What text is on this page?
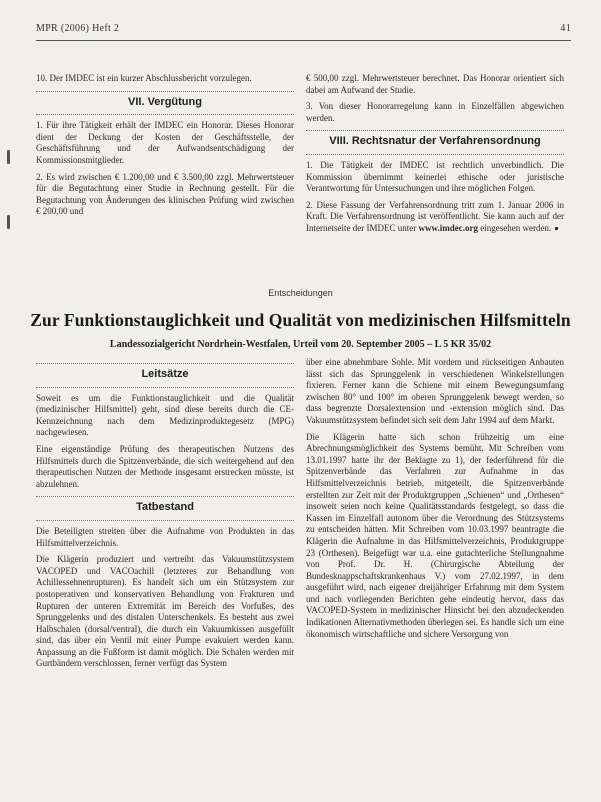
MPR (2006) Heft 2	41

10. Der IMDEC ist ein kurzer Abschlussbericht vorzulegen.

VII. Vergütung

1. Für ihre Tätigkeit erhält der IMDEC ein Honorar. Dieses Honorar dient der Deckung der Kosten der Geschäftsstelle, der Geschäftsführung und der Aufwandsentschädigung der Kommissionsmitglieder.

2. Es wird zwischen € 1.200,00 und € 3.500,00 zzgl. Mehrwertsteuer für die Begutachtung einer Studie in Rechnung gestellt. Für die Begutachtung von Änderungen des klinischen Prüfung wird zwischen € 200,00 und

€ 500,00 zzgl. Mehrwertsteuer berechnet. Das Honorar orientiert sich dabei am Aufwand der Studie.

3. Von dieser Honorarregelung kann in Einzelfällen abgewichen werden.

VIII. Rechtsnatur der Verfahrensordnung

1. Die Tätigkeit der IMDEC ist rechtlich unverbindlich. Die Kommission übernimmt keinerlei ethische oder juristische Verantwortung für Untersuchungen und ihre möglichen Folgen.

2. Diese Fassung der Verfahrensordnung tritt zum 1. Januar 2006 in Kraft. Die Verfahrensordnung ist veröffentlicht. Sie kann auch auf der Internetseite der IMDEC unter www.imdec.org eingesehen werden.

Entscheidungen
Zur Funktionstauglichkeit und Qualität von medizinischen Hilfsmitteln
Landessozialgericht Nordrhein-Westfalen, Urteil vom 20. September 2005 – L 5 KR 35/02
Leitsätze

Soweit es um die Funktionstauglichkeit und die Qualität (medizinischer Hilfsmittel) geht, sind diese bereits durch die CE-Kennzeichnung nach dem Medizinproduktegesetz (MPG) nachgewiesen.

Eine eigenständige Prüfung des therapeutischen Nutzens des Hilfsmittels durch die Spitzenverbände, die sich weitergehend auf den therapeutischen Nutzen der Methode insgesamt erstrecken müsste, ist abzulehnen.

Tatbestand

Die Beteiligten streiten über die Aufnahme von Produkten in das Hilfsmittelverzeichnis.

Die Klägerin produziert und vertreibt das Vakuumstützsystem VACOPED und VACOachill (letzteres zur Behandlung von Achillessehnenrupturen). Es handelt sich um ein Stützsystem zur postoperativen und konservativen Behandlung von Frakturen und Rupturen der unteren Extremität im Bereich des Vorfußes, des Sprunggelenks und des distalen Unterschenkels. Es besteht aus zwei Halbschalen (dorsal/ventral), die durch ein Vakuumkissen ausgefüllt sind, das über ein Ventil mit einer Pumpe evakuiert werden kann. Anpassung an die Fußform ist damit möglich. Die Schalen werden mit Gurtbändern verschlossen, ferner verfügt das System

über eine abnehmbare Sohle. Mit vordem und rückseitigen Anbauten lässt sich das Sprunggelenk in verschiedenen Winkelstellungen fixieren. Ferner kann die Schiene mit einem Bewegungsumfang zwischen 80° und 100° im oberen Sprunggelenk bewegt werden, so dass begrenzte Dorsalextension und -extension möglich sind. Das Vakuumstützsystem befindet sich seit dem Jahr 1994 auf dem Markt.

Die Klägerin hatte sich schon frühzeitig um eine Abrechnungsmöglichkeit des Systems bemüht. Mit Schreiben vom 13.01.1997 hatte ihr der Beklagte zu 1), der federführend für die Spitzenverbände das Verfahren zur Aufnahme in das Hilfsmittelverzeichnis betrieb, mitgeteilt, die Spitzenverbände erstellten zur Zeit mit der Produktgruppen „Schienen“ und „Orthesen“ insoweit seien noch keine Qualitätsstandards festgelegt, so dass die Kassen im Einzelfall autonom über die Verordnung des Stützsystems zu entscheiden hätten. Mit Schreiben vom 10.03.1997 beantragte die Klägerin die Aufnahme in das Hilfsmittelverzeichnis, Produktgruppe 23 (Orthesen). Beigefügt war u.a. eine gutachterliche Stellungnahme von Prof. Dr. H. (Chirurgische Abteilung der Bundesknappschaftskrankenhaus V.) vom 27.02.1997, in dem ausgeführt wird, nach eigener dreijähriger Erfahrung mit dem System und nach vorliegenden Berichten gehe eindeutig hervor, dass das VACOPED-System in medizinischer Hinsicht bei den abzudeckenden Indikationen Alternativmethoden überlegen sei. Es handle sich um eine ökonomisch wirtschaftliche und sichere Versorgung von
